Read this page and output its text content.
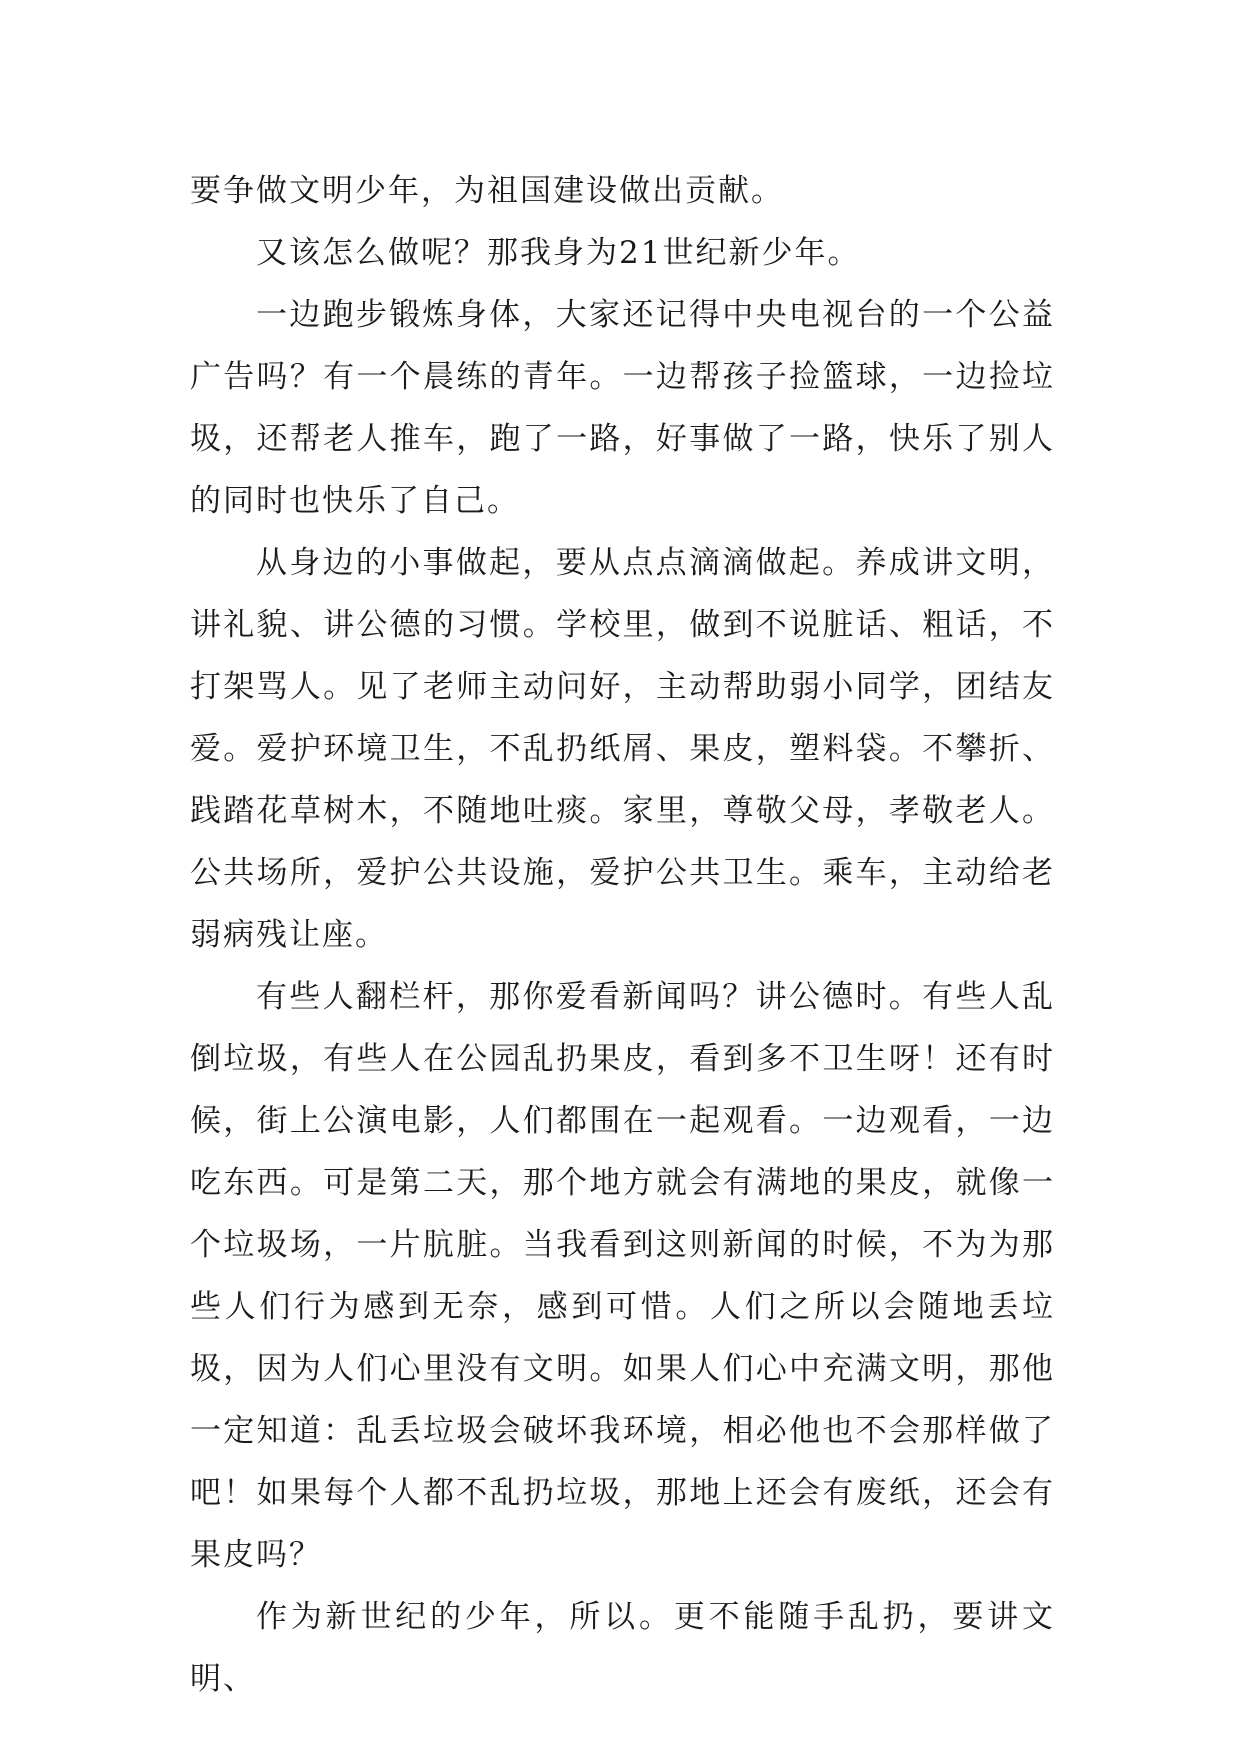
要争做文明少年，为祖国建设做出贡献。

又该怎么做呢？那我身为21世纪新少年。

一边跑步锻炼身体，大家还记得中央电视台的一个公益广告吗？有一个晨练的青年。一边帮孩子捡篮球，一边捡垃圾，还帮老人推车，跑了一路，好事做了一路，快乐了别人的同时也快乐了自己。

从身边的小事做起，要从点点滴滴做起。养成讲文明，讲礼貌、讲公德的习惯。学校里，做到不说脏话、粗话，不打架骂人。见了老师主动问好，主动帮助弱小同学，团结友爱。爱护环境卫生，不乱扔纸屑、果皮，塑料袋。不攀折、践踏花草树木，不随地吐痰。家里，尊敬父母，孝敬老人。公共场所，爱护公共设施，爱护公共卫生。乘车，主动给老弱病残让座。

有些人翻栏杆，那你爱看新闻吗？讲公德时。有些人乱倒垃圾，有些人在公园乱扔果皮，看到多不卫生呀！还有时候，街上公演电影，人们都围在一起观看。一边观看，一边吃东西。可是第二天，那个地方就会有满地的果皮，就像一个垃圾场，一片肮脏。当我看到这则新闻的时候，不为为那些人们行为感到无奈，感到可惜。人们之所以会随地丢垃圾，因为人们心里没有文明。如果人们心中充满文明，那他一定知道：乱丢垃圾会破坏我环境，相必他也不会那样做了吧！如果每个人都不乱扔垃圾，那地上还会有废纸，还会有果皮吗？

作为新世纪的少年，所以。更不能随手乱扔，要讲文明、
